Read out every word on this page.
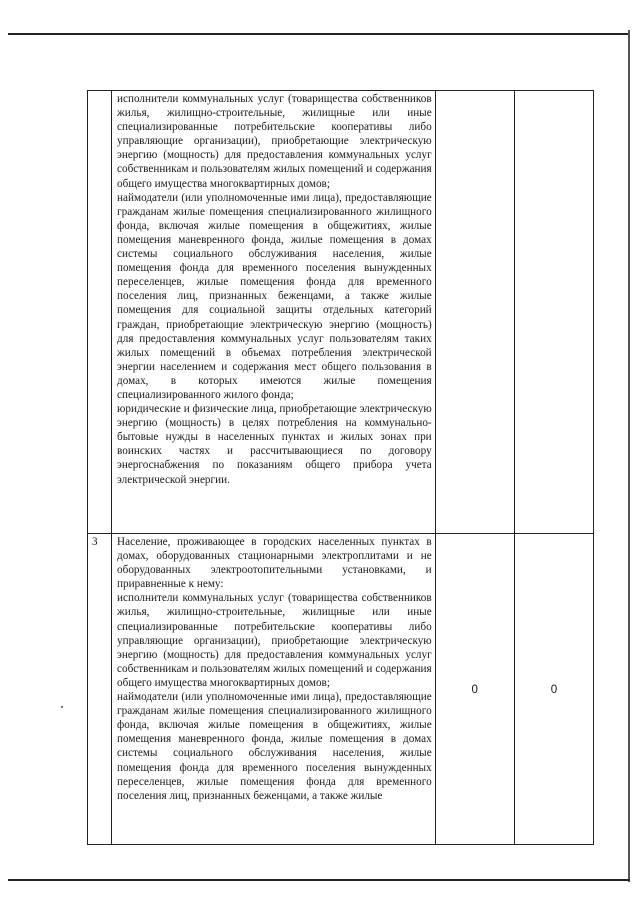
	исполнители коммунальных услуг (товарищества собственников жилья, жилищно-строительные, жилищные или иные специализированные потребительские кооперативы либо управляющие организации), приобретающие электрическую энергию (мощность) для предоставления коммунальных услуг собственникам и пользователям жилых помещений и содержания общего имущества многоквартирных домов;

наймодатели (или уполномоченные ими лица), предоставляющие гражданам жилые помещения специализированного жилищного фонда, включая жилые помещения в общежитиях, жилые помещения маневренного фонда, жилые помещения в домах системы социального обслуживания населения, жилые помещения фонда для временного поселения вынужденных переселенцев, жилые помещения фонда для временного поселения лиц, признанных беженцами, а также жилые помещения для социальной защиты отдельных категорий граждан, приобретающие электрическую энергию (мощность) для предоставления коммунальных услуг пользователям таких жилых помещений в объемах потребления электрической энергии населением и содержания мест общего пользования в домах, в которых имеются жилые помещения специализированного жилого фонда;

юридические и физические лица, приобретающие электрическую энергию (мощность) в целях потребления на коммунально-бытовые нужды в населенных пунктах и жилых зонах при воинских частях и рассчитывающиеся по договору энергоснабжения по показаниям общего прибора учета электрической энергии.		

3	Население, проживающее в городских населенных пунктах в домах, оборудованных стационарными электроплитами и не оборудованных электроотопительными установками, и приравненные к нему:

исполнители коммунальных услуг (товарищества собственников жилья, жилищно-строительные, жилищные или иные специализированные потребительские кооперативы либо управляющие организации), приобретающие электрическую энергию (мощность) для предоставления коммунальных услуг собственникам и пользователям жилых помещений и содержания общего имущества многоквартирных домов;

наймодатели (или уполномоченные ими лица), предоставляющие гражданам жилые помещения специализированного жилищного фонда, включая жилые помещения в общежитиях, жилые помещения маневренного фонда, жилые помещения в домах системы социального обслуживания населения, жилые помещения фонда для временного поселения вынужденных переселенцев, жилые помещения фонда для временного поселения лиц, признанных беженцами, а также жилые	0	0
